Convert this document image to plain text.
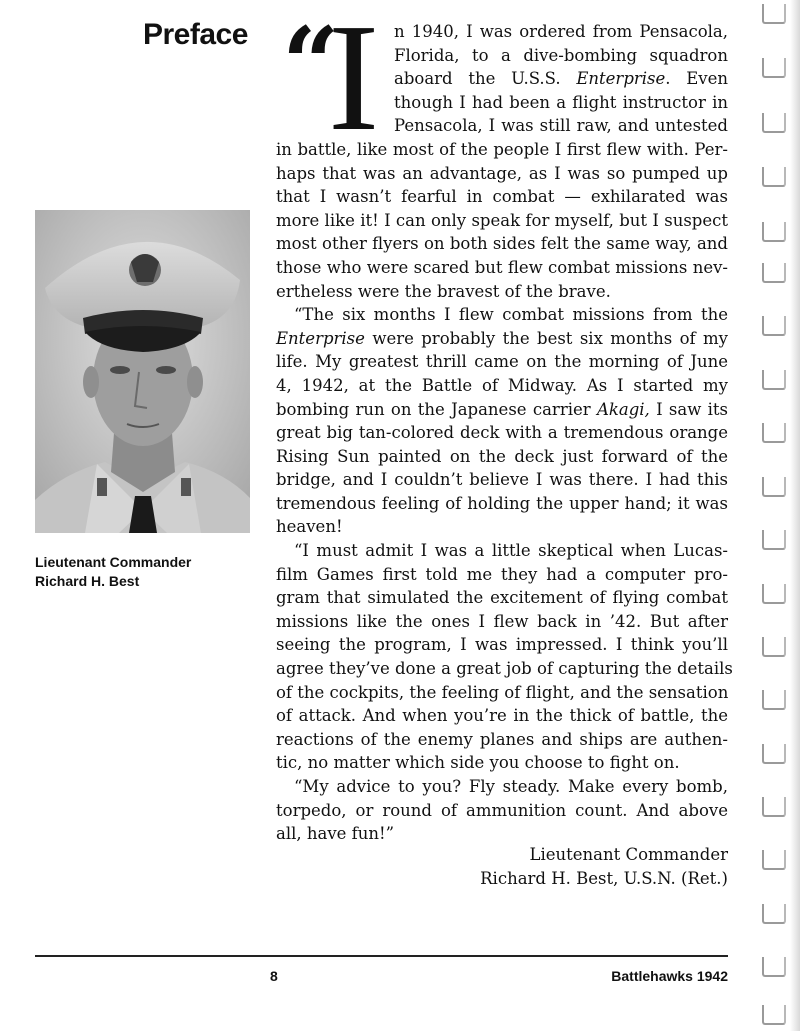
Preface
Lieutenant Commander
Richard H. Best
“
I n 1940, I was ordered from Pensacola,
Florida, to a dive-bombing squadron
aboard the U.S.S. Enterprise. Even
though I had been a flight instructor in
Pensacola, I was still raw, and untested
in battle, like most of the people I first flew with. Per-
haps that was an advantage, as I was so pumped up
that I wasn’t fearful in combat — exhilarated was
more like it! I can only speak for myself, but I suspect
most other flyers on both sides felt the same way, and
those who were scared but flew combat missions nev-
ertheless were the bravest of the brave.
“The six months I flew combat missions from the
Enterprise were probably the best six months of my
life. My greatest thrill came on the morning of June
4, 1942, at the Battle of Midway. As I started my
bombing run on the Japanese carrier Akagi, I saw its
great big tan-colored deck with a tremendous orange
Rising Sun painted on the deck just forward of the
bridge, and I couldn’t believe I was there. I had this
tremendous feeling of holding the upper hand; it was
heaven!
“I must admit I was a little skeptical when Lucas-
film Games first told me they had a computer pro-
gram that simulated the excitement of flying combat
missions like the ones I flew back in ’42. But after
seeing the program, I was impressed. I think you’ll
agree they’ve done a great job of capturing the details
of the cockpits, the feeling of flight, and the sensation
of attack. And when you’re in the thick of battle, the
reactions of the enemy planes and ships are authen-
tic, no matter which side you choose to fight on.
“My advice to you? Fly steady. Make every bomb,
torpedo, or round of ammunition count. And above
all, have fun!”
Lieutenant Commander
Richard H. Best, U.S.N. (Ret.)
8	Battlehawks 1942
